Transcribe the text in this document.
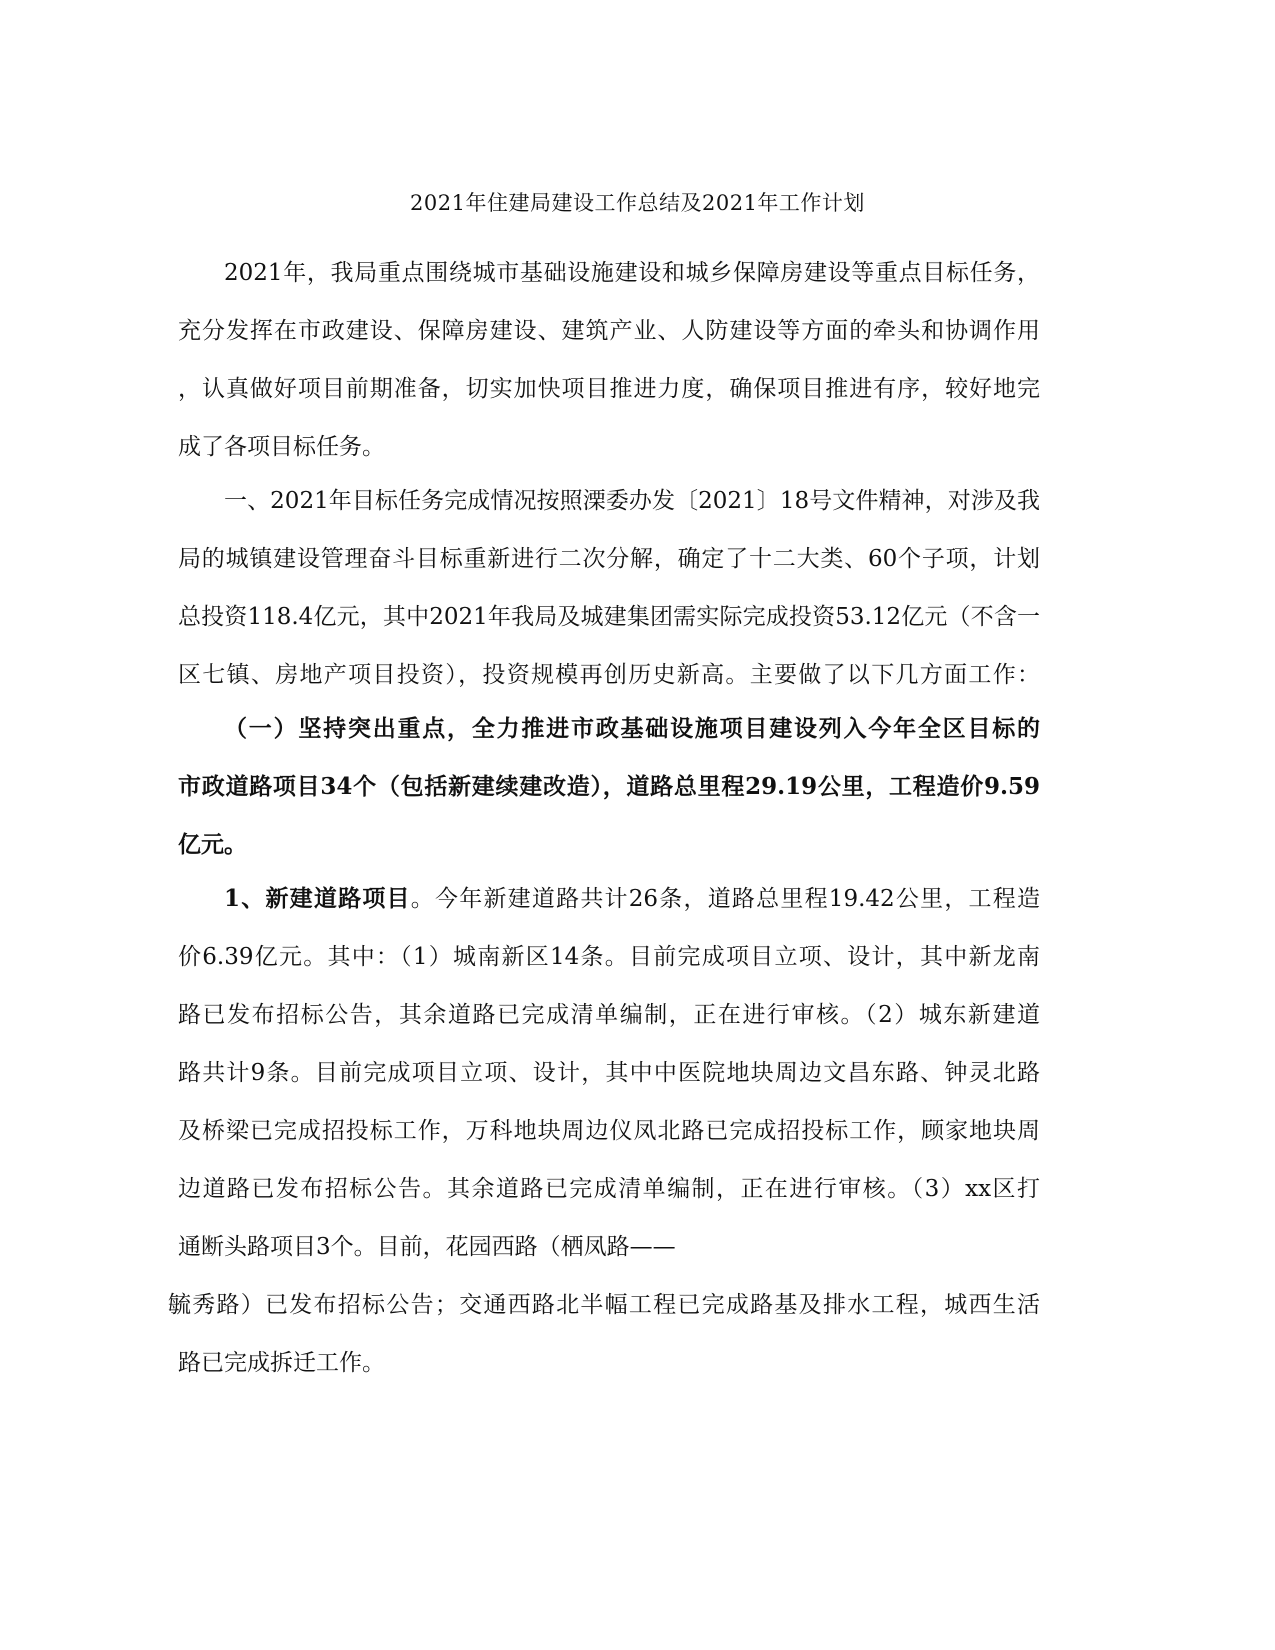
2021年住建局建设工作总结及2021年工作计划
2021年，我局重点围绕城市基础设施建设和城乡保障房建设等重点目标任务，
充分发挥在市政建设、保障房建设、建筑产业、人防建设等方面的牵头和协调作用
，认真做好项目前期准备，切实加快项目推进力度，确保项目推进有序，较好地完
成了各项目标任务。
一、2021年目标任务完成情况按照溧委办发〔2021〕18号文件精神，对涉及我
局的城镇建设管理奋斗目标重新进行二次分解，确定了十二大类、60个子项，计划
总投资118.4亿元，其中2021年我局及城建集团需实际完成投资53.12亿元（不含一
区七镇、房地产项目投资），投资规模再创历史新高。主要做了以下几方面工作：
（一）坚持突出重点，全力推进市政基础设施项目建设列入今年全区目标的
市政道路项目34个（包括新建续建改造），道路总里程29.19公里，工程造价9.59
亿元。
1、新建道路项目。今年新建道路共计26条，道路总里程19.42公里，工程造
价6.39亿元。其中：（1）城南新区14条。目前完成项目立项、设计，其中新龙南
路已发布招标公告，其余道路已完成清单编制，正在进行审核。（2）城东新建道
路共计9条。目前完成项目立项、设计，其中中医院地块周边文昌东路、钟灵北路
及桥梁已完成招投标工作，万科地块周边仪凤北路已完成招投标工作，顾家地块周
边道路已发布招标公告。其余道路已完成清单编制，正在进行审核。（3）xx区打
通断头路项目3个。目前，花园西路（栖凤路——
毓秀路）已发布招标公告；交通西路北半幅工程已完成路基及排水工程，城西生活
路已完成拆迁工作。
